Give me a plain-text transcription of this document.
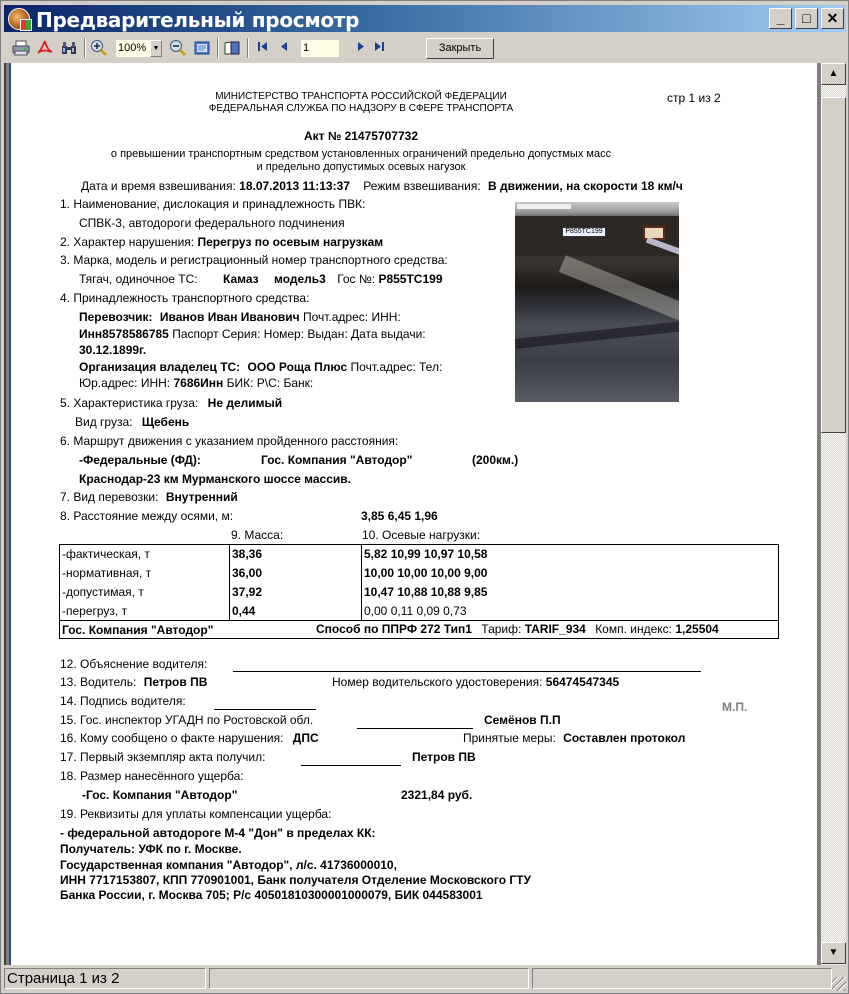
Предварительный просмотр	_	□	✕
100% ▼	1	Закрыть
МИНИСТЕРСТВО ТРАНСПОРТА РОССИЙСКОЙ ФЕДЕРАЦИИ
ФЕДЕРАЛЬНАЯ СЛУЖБА ПО НАДЗОРУ В СФЕРЕ ТРАНСПОРТА
стр 1 из 2
Акт № 21475707732
о превышении транспортным средством установленных ограничений предельно допустмых масс
и предельно допустимых осевых нагузок
Дата и время взвешивания: 18.07.2013 11:13:37 Режим взвешивания: В движении, на скорости 18 км/ч
1. Наименование, дислокация и принадлежность ПВК:
СПВК-3, автодороги федерального подчинения
2. Характер нарушения: Перегруз по осевым нагрузкам
3. Марка, модель и регистрационный номер транспортного средства:
Тягач, одиночное ТС: Камаз модель3 Гос №: Р855ТС199
4. Принадлежность транспортного средства:
Перевозчик: Иванов Иван Иванович Почт.адрес: ИНН:
Инн8578586785 Паспорт Серия: Номер: Выдан: Дата выдачи:
30.12.1899г.
Организация владелец ТС: ООО Роща Плюс Почт.адрес: Тел:
Юр.адрес: ИНН: 7686Инн БИК: Р\С: Банк:
Р855ТС199
5. Характеристика груза: Не делимый
Вид груза: Щебень
6. Маршрут движения с указанием пройденного расстояния:
-Федеральные (ФД):	Гос. Компания "Автодор"	(200км.)
Краснодар-23 км Мурманского шоссе массив.
7. Вид перевозки: Внутренний
8. Расстояние между осями, м:	3,85 6,45 1,96
9. Масса:	10. Осевые нагрузки:
-фактическая, т	38,36	5,82 10,99 10,97 10,58
-нормативная, т	36,00	10,00 10,00 10,00 9,00
-допустимая, т	37,92	10,47 10,88 10,88 9,85
-перегруз, т	0,44	0,00 0,11 0,09 0,73
Гос. Компания "Автодор" Способ по ППРФ 272 Тип1 Тариф: TARIF_934 Комп. индекс: 1,25504		
12. Объяснение водителя:
13. Водитель: Петров ПВ	Номер водительского удостоверения: 56474547345
14. Подпись водителя:	М.П.
15. Гос. инспектор УГАДН по Ростовской обл.	Семёнов П.П
16. Кому сообщено о факте нарушения: ДПС	Принятые меры: Составлен протокол
17. Первый экземпляр акта получил:	Петров ПВ
18. Размер нанесённого ущерба:
-Гос. Компания "Автодор"	2321,84 руб.
19. Реквизиты для уплаты компенсации ущерба:
- федеральной автодороге М-4 "Дон" в пределах КК:
Получатель: УФК по г. Москве.
Государственная компания "Автодор", л/с. 41736000010,
ИНН 7717153807, КПП 770901001, Банк получателя Отделение Московского ГТУ
Банка России, г. Москва 705; Р/с 40501810300001000079, БИК 044583001
▲
▼
Страница 1 из 2
